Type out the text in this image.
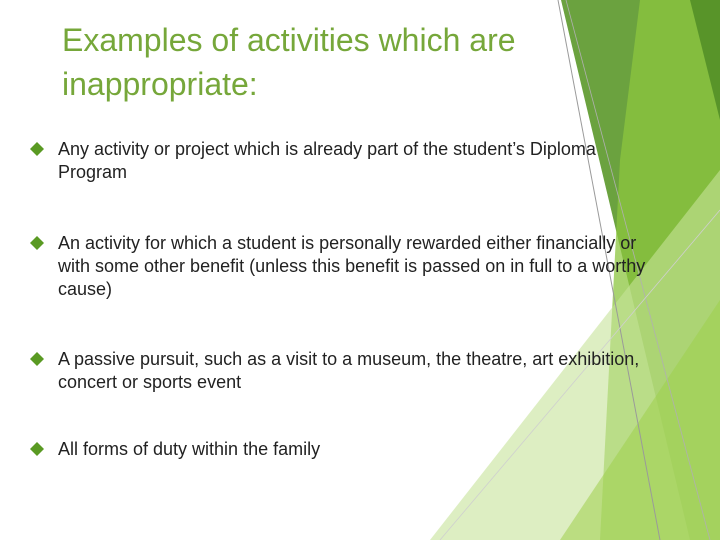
Examples of activities which are inappropriate:
Any activity or project which is already part of the student’s Diploma Program
An activity for which a student is personally rewarded either financially or with some other benefit (unless this benefit is passed on in full to a worthy cause)
A passive pursuit, such as a visit to a museum, the theatre, art exhibition, concert or sports event
All forms of duty within the family
